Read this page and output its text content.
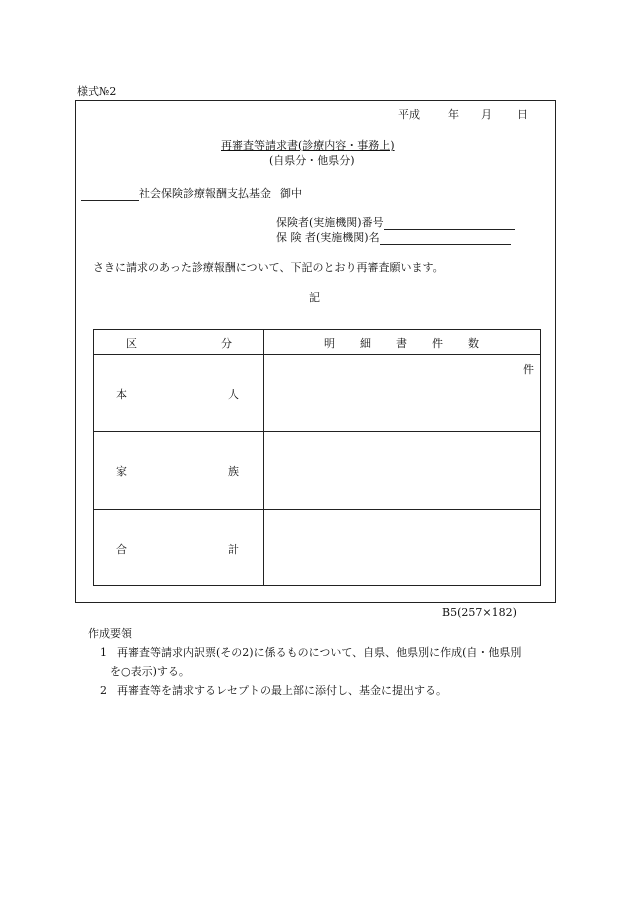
様式№2
平成	年 月 日
再審査等請求書(診療内容・事務上)
(自県分・他県分)
社会保険診療報酬支払基金 御中
保険者(実施機関)番号
保 険 者(実施機関)名
さきに請求のあった診療報酬について、下記のとおり再審査願います。
記
区	分	明 細 書 件 数
件
本	人
家	族
合	計
B5(257×182)
作成要領
1 再審査等請求内訳票(その2)に係るものについて、自県、他県別に作成(自・他県別
を○表示)する。
2 再審査等を請求するレセプトの最上部に添付し、基金に提出する。
